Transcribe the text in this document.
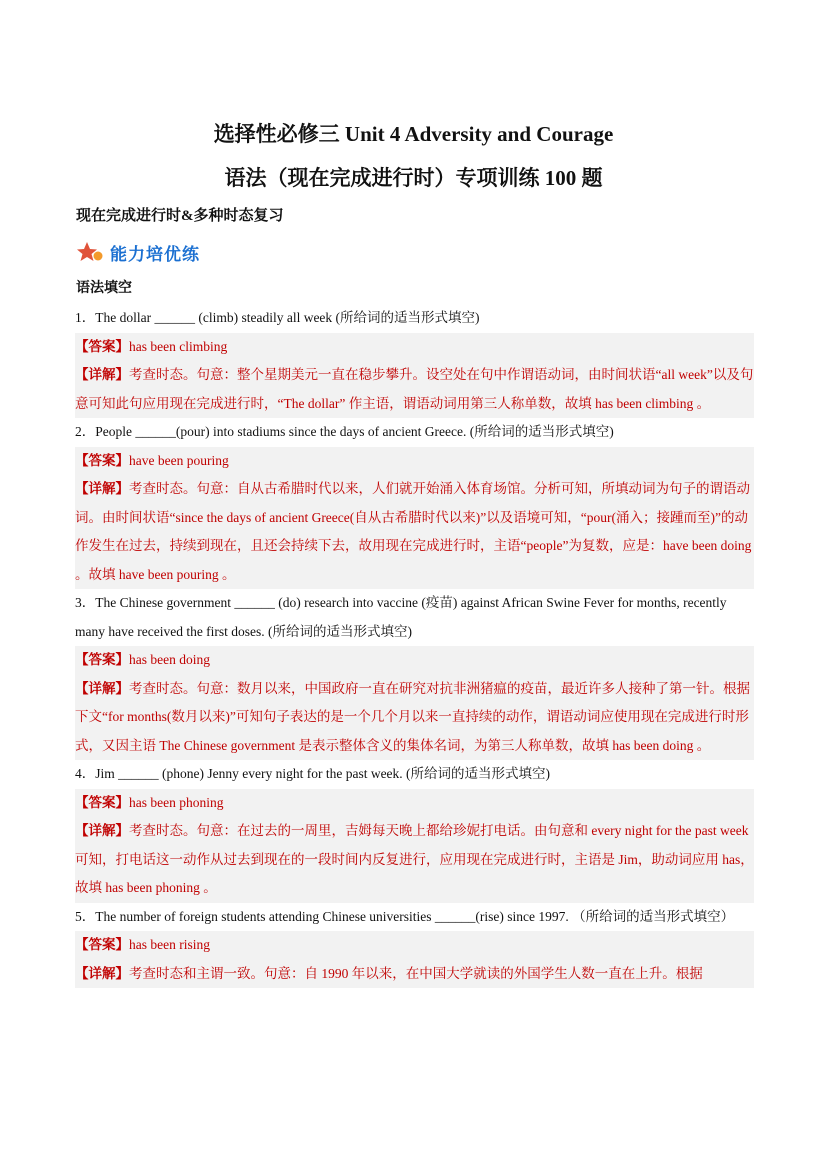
选择性必修三 Unit 4 Adversity and Courage
语法（现在完成进行时）专项训练 100 题
现在完成进行时&多种时态复习
能力培优练
语法填空
1．The dollar ______ (climb) steadily all week (所给词的适当形式填空)
【答案】has been climbing
【详解】考查时态。句意：整个星期美元一直在稳步攀升。设空处在句中作谓语动词，由时间状语“all week”以及句意可知此句应用现在完成进行时，“The dollar” 作主语，谓语动词用第三人称单数，故填 has been climbing 。
2．People ______(pour) into stadiums since the days of ancient Greece. (所给词的适当形式填空)
【答案】have been pouring
【详解】考查时态。句意：自从古希腊时代以来，人们就开始涌入体育场馆。分析可知，所填动词为句子的谓语动词。由时间状语“since the days of ancient Greece(自从古希腊时代以来)”以及语境可知，“pour(涌入；接踵而至)”的动作发生在过去，持续到现在，且还会持续下去，故用现在完成进行时，主语“people”为复数，应是：have been doing 。故填 have been pouring 。
3．The Chinese government ______ (do) research into vaccine (疫苗) against African Swine Fever for months, recently many have received the first doses. (所给词的适当形式填空)
【答案】has been doing
【详解】考查时态。句意：数月以来，中国政府一直在研究对抗非洲猪瘟的疫苗，最近许多人接种了第一针。根据下文“for months(数月以来)”可知句子表达的是一个几个月以来一直持续的动作，谓语动词应使用现在完成进行时形式，又因主语 The Chinese government 是表示整体含义的集体名词，为第三人称单数，故填 has been doing 。
4．Jim ______ (phone) Jenny every night for the past week. (所给词的适当形式填空)
【答案】has been phoning
【详解】考查时态。句意：在过去的一周里，吉姆每天晚上都给珍妮打电话。由句意和 every night for the past week 可知，打电话这一动作从过去到现在的一段时间内反复进行，应用现在完成进行时，主语是 Jim，助动词应用 has，故填 has been phoning 。
5．The number of foreign students attending Chinese universities ______(rise) since 1997. （所给词的适当形式填空）
【答案】has been rising
【详解】考查时态和主谓一致。句意：自 1990 年以来，在中国大学就读的外国学生人数一直在上升。根据
